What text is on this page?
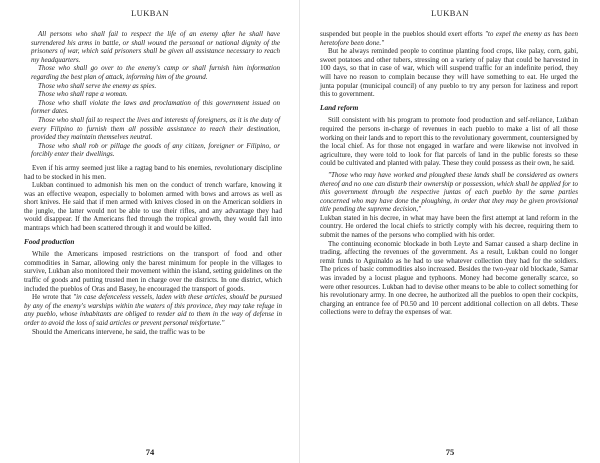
LUKBAN

All persons who shall fail to respect the life of an enemy after he shall have surrendered his arms in battle, or shall wound the personal or national dignity of the prisoners of war, which said prisoners shall be given all assistance necessary to reach my headquarters.

Those who shall go over to the enemy's camp or shall furnish him information regarding the best plan of attack, informing him of the ground.

Those who shall serve the enemy as spies.

Those who shall rape a woman.

Those who shall violate the laws and proclamation of this government issued on former dates.

Those who shall fail to respect the lives and interests of foreigners, as it is the duty of every Filipino to furnish them all possible assistance to reach their destination, provided they maintain themselves neutral.

Those who shall rob or pillage the goods of any citizen, foreigner or Filipino, or forcibly enter their dwellings.

Even if his army seemed just like a ragtag band to his enemies, revolutionary discipline had to be stocked in his men.

Lukban continued to admonish his men on the conduct of trench warfare, knowing it was an effective weapon, especially to bolomen armed with bows and arrows as well as short knives. He said that if men armed with knives closed in on the American soldiers in the jungle, the latter would not be able to use their rifles, and any advantage they had would disappear. If the Americans fled through the tropical growth, they would fall into mantraps which had been scattered through it and would be killed.

Food production

While the Americans imposed restrictions on the transport of food and other commodities in Samar, allowing only the barest minimum for people in the villages to survive, Lukban also monitored their movement within the island, setting guidelines on the traffic of goods and putting trusted men in charge over the districts. In one district, which included the pueblos of Oras and Basey, he encouraged the transport of goods.

He wrote that "in case defenceless vessels, laden with these articles, should be pursued by any of the enemy's warships within the waters of this province, they may take refuge in any pueblo, whose inhabitants are obliged to render aid to them in the way of defense in order to avoid the loss of said articles or prevent personal misfortune."

Should the Americans intervene, he said, the traffic was to be

74
LUKBAN

suspended but people in the pueblos should exert efforts "to expel the enemy as has been heretofore been done."

But he always reminded people to continue planting food crops, like palay, corn, gabi, sweet potatoes and other tubers, stressing on a variety of palay that could be harvested in 100 days, so that in case of war, which will suspend traffic for an indefinite period, they will have no reason to complain because they will have something to eat. He urged the junta popular (municipal council) of any pueblo to try any person for laziness and report this to government.

Land reform

Still consistent with his program to promote food production and self-reliance, Lukban required the persons in-charge of revenues in each pueblo to make a list of all those working on their lands and to report this to the revolutionary government, countersigned by the local chief. As for those not engaged in warfare and were likewise not involved in agriculture, they were told to look for flat parcels of land in the public forests so these could be cultivated and planted with palay. These they could possess as their own, he said.

"Those who may have worked and ploughed these lands shall be considered as owners thereof and no one can disturb their ownership or possession, which shall be applied for to this government through the respective juntas of each pueblo by the same parties concerned who may have done the ploughing, in order that they may be given provisional title pending the supreme decision,"

Lukban stated in his decree, in what may have been the first attempt at land reform in the country. He ordered the local chiefs to strictly comply with his decree, requiring them to submit the names of the persons who complied with his order.

The continuing economic blockade in both Leyte and Samar caused a sharp decline in trading, affecting the revenues of the government. As a result, Lukban could no longer remit funds to Aguinaldo as he had to use whatever collection they had for the soldiers. The prices of basic commodities also increased. Besides the two-year old blockade, Samar was invaded by a locust plague and typhoons. Money had become generally scarce, so were other resources. Lukban had to devise other means to be able to collect something for his revolutionary army. In one decree, he authorized all the pueblos to open their cockpits, charging an entrance fee of P0.50 and 10 percent additional collection on all debts. These collections were to defray the expenses of war.

75
